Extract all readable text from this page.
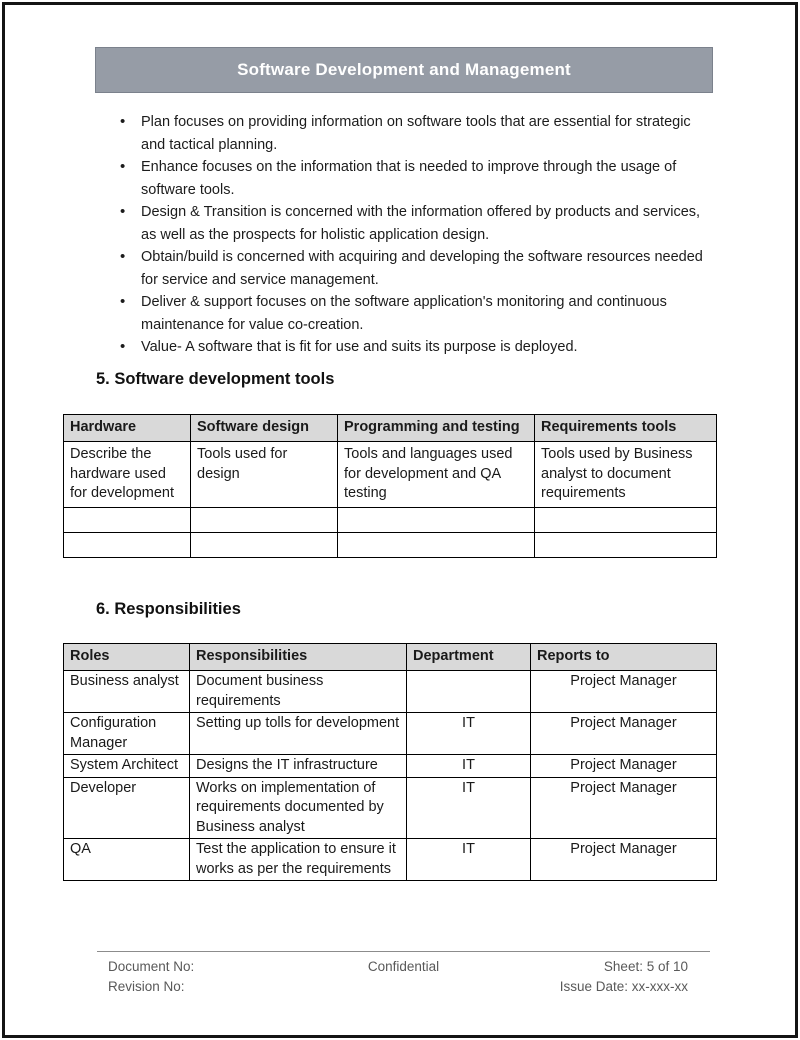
Software Development and Management
• Plan focuses on providing information on software tools that are essential for strategic and tactical planning.
• Enhance focuses on the information that is needed to improve through the usage of software tools.
• Design & Transition is concerned with the information offered by products and services, as well as the prospects for holistic application design.
• Obtain/build is concerned with acquiring and developing the software resources needed for service and service management.
• Deliver & support focuses on the software application's monitoring and continuous maintenance for value co-creation.
• Value- A software that is fit for use and suits its purpose is deployed.
5. Software development tools
Hardware	Software design	Programming and testing	Requirements tools
Describe the hardware used for development	Tools used for design	Tools and languages used for development and QA testing	Tools used by Business analyst to document requirements

6. Responsibilities
Roles	Responsibilities	Department	Reports to
Business analyst	Document business requirements		Project Manager
Configuration Manager	Setting up tolls for development	IT	Project Manager
System Architect	Designs the IT infrastructure	IT	Project Manager
Developer	Works on implementation of requirements documented by Business analyst	IT	Project Manager
QA	Test the application to ensure it works as per the requirements	IT	Project Manager
Document No:
Revision No:
Confidential	Sheet: 5 of 10
Issue Date: xx-xxx-xx
